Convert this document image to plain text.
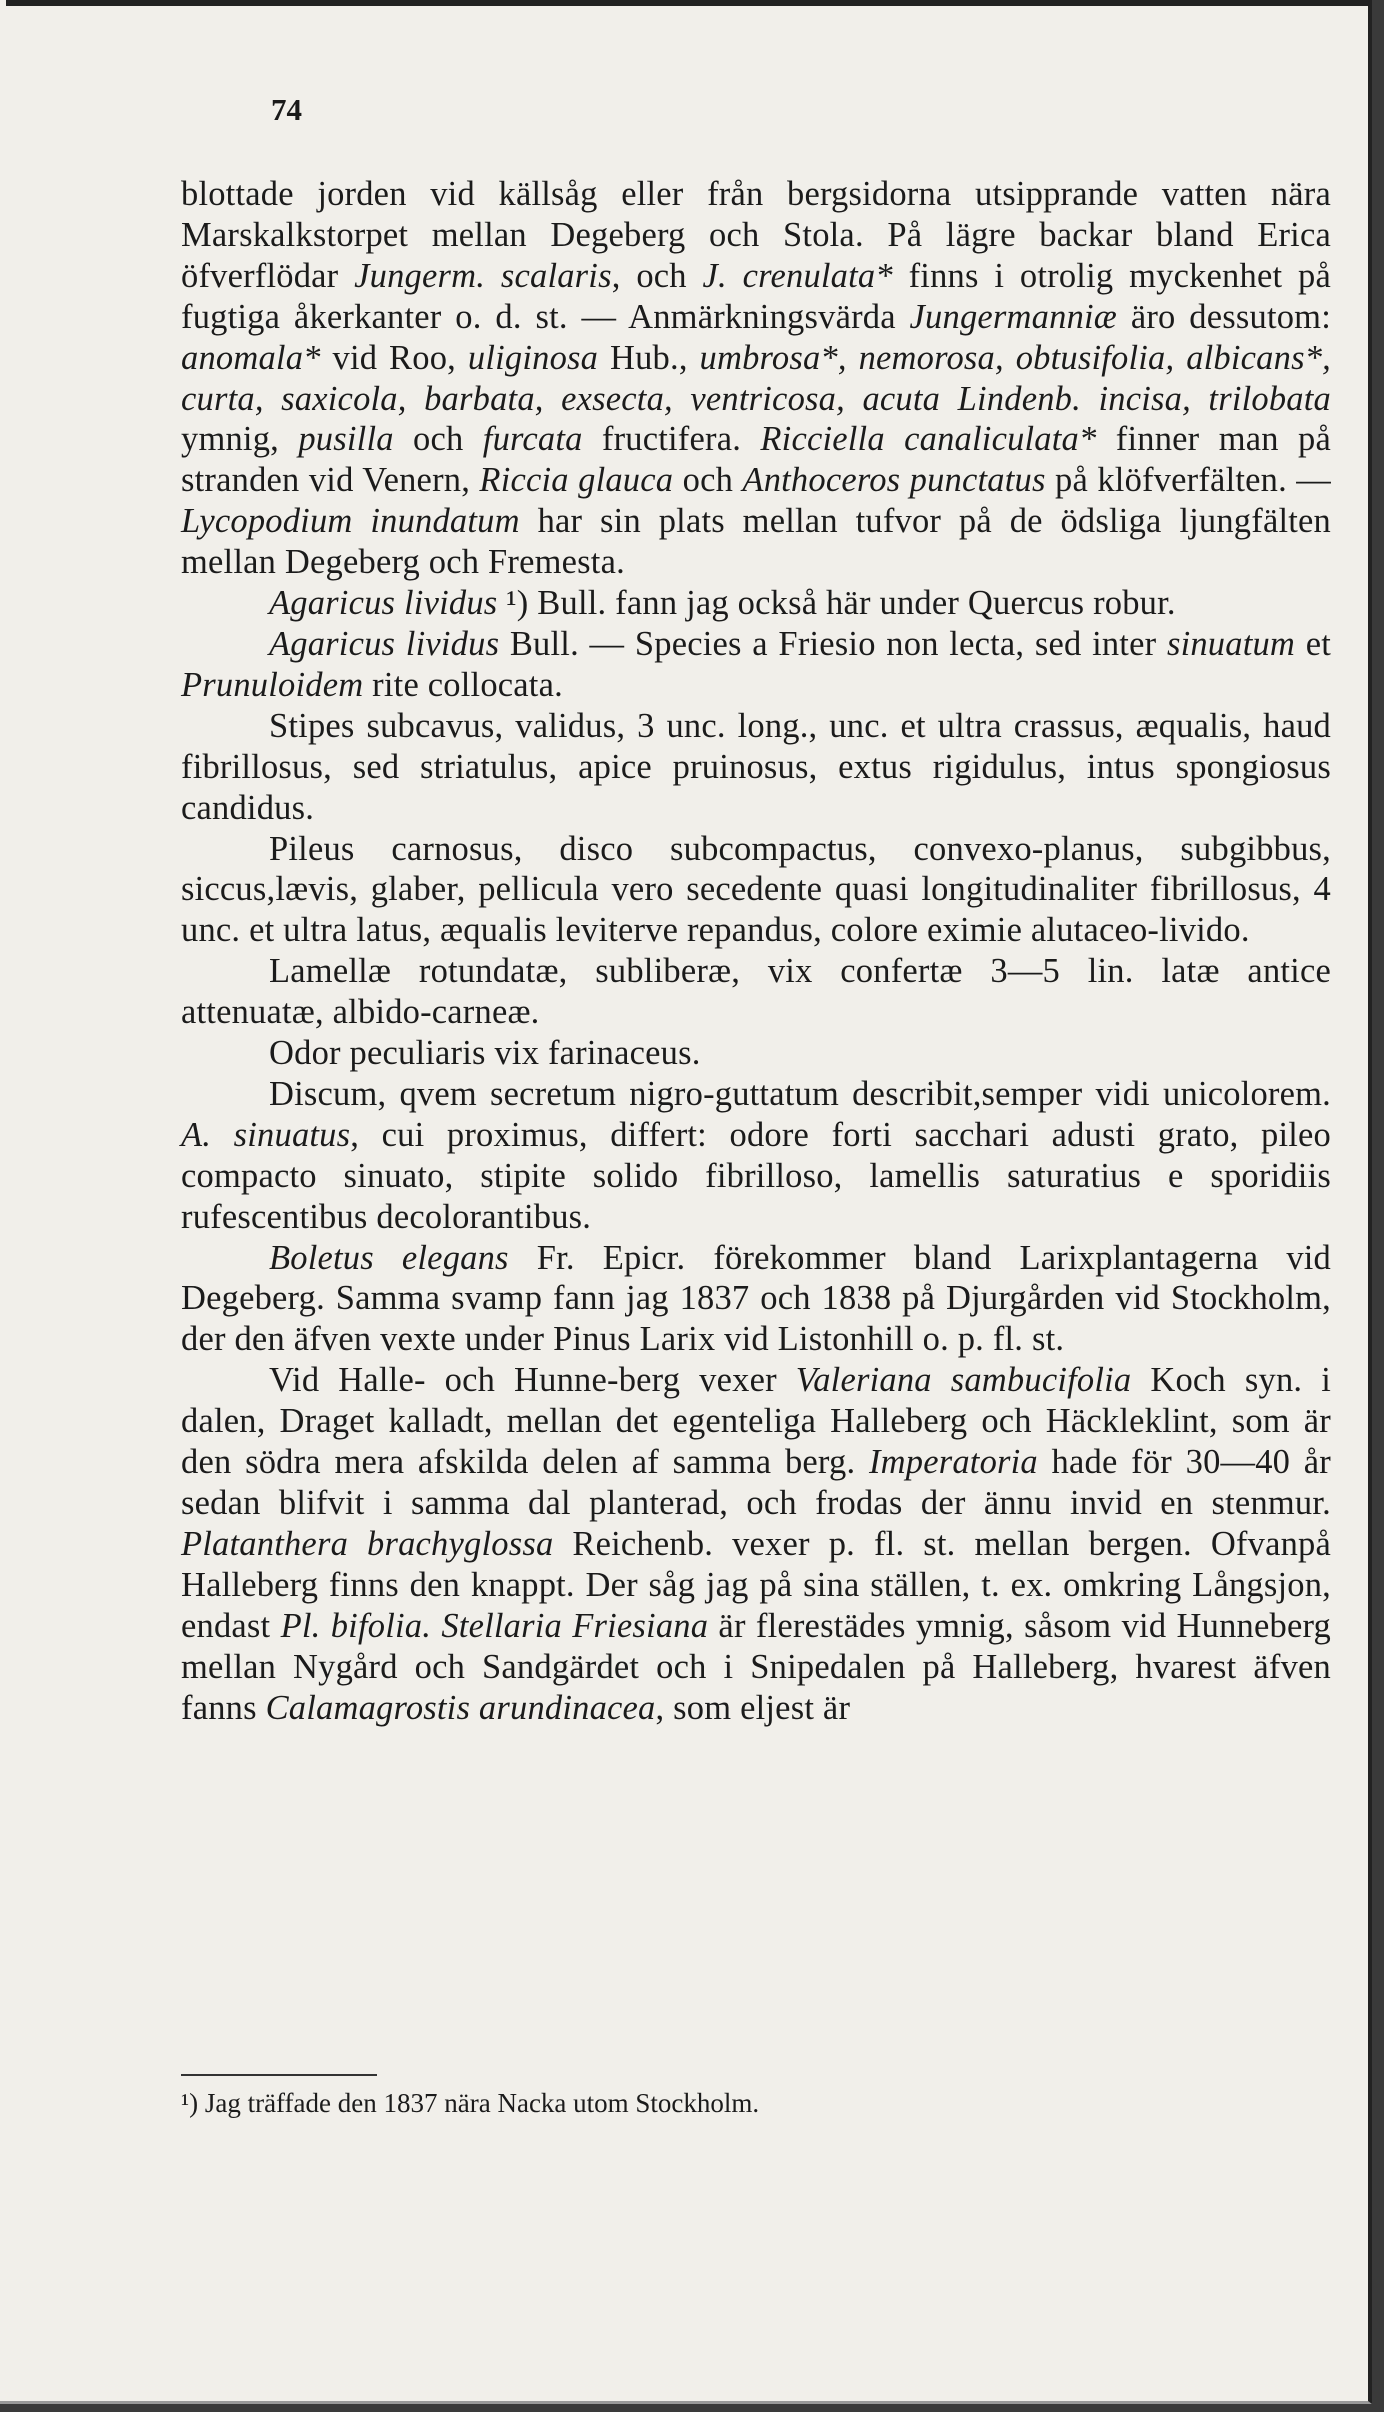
74

blottade jorden vid källsåg eller från bergsidorna utsipprande vatten nära Marskalkstorpet mellan Degeberg och Stola. På lägre backar bland Erica öfverflödar Jungerm. scalaris, och J. crenulata* finns i otrolig myckenhet på fugtiga åkerkanter o. d. st. — Anmärkningsvärda Jungermanniæ äro dessutom: anomala* vid Roo, uliginosa Hub., umbrosa*, nemorosa, obtusifolia, albicans*, curta, saxicola, barbata, exsecta, ventricosa, acuta Lindenb. incisa, trilobata ymnig, pusilla och furcata fructifera. Ricciella canaliculata* finner man på stranden vid Venern, Riccia glauca och Anthoceros punctatus på klöfverfälten. — Lycopodium inundatum har sin plats mellan tufvor på de ödsliga ljungfälten mellan Degeberg och Fremesta.

Agaricus lividus ¹) Bull. fann jag också här under Quercus robur.

Agaricus lividus Bull. — Species a Friesio non lecta, sed inter sinuatum et Prunuloidem rite collocata.

Stipes subcavus, validus, 3 unc. long., unc. et ultra crassus, æqualis, haud fibrillosus, sed striatulus, apice pruinosus, extus rigidulus, intus spongiosus candidus.

Pileus carnosus, disco subcompactus, convexo-planus, subgibbus, siccus,lævis, glaber, pellicula vero secedente quasi longitudinaliter fibrillosus, 4 unc. et ultra latus, æqualis leviterve repandus, colore eximie alutaceo-livido.

Lamellæ rotundatæ, subliberæ, vix confertæ 3—5 lin. latæ antice attenuatæ, albido-carneæ.

Odor peculiaris vix farinaceus.

Discum, qvem secretum nigro-guttatum describit,semper vidi unicolorem. A. sinuatus, cui proximus, differt: odore forti sacchari adusti grato, pileo compacto sinuato, stipite solido fibrilloso, lamellis saturatius e sporidiis rufescentibus decolorantibus.

Boletus elegans Fr. Epicr. förekommer bland Larixplantagerna vid Degeberg. Samma svamp fann jag 1837 och 1838 på Djurgården vid Stockholm, der den äfven vexte under Pinus Larix vid Listonhill o. p. fl. st.

Vid Halle- och Hunne-berg vexer Valeriana sambucifolia Koch syn. i dalen, Draget kalladt, mellan det egenteliga Halleberg och Häckleklint, som är den södra mera afskilda delen af samma berg. Imperatoria hade för 30—40 år sedan blifvit i samma dal planterad, och frodas der ännu invid en stenmur. Platanthera brachyglossa Reichenb. vexer p. fl. st. mellan bergen. Ofvanpå Halleberg finns den knappt. Der såg jag på sina ställen, t. ex. omkring Långsjon, endast Pl. bifolia. Stellaria Friesiana är flerestädes ymnig, såsom vid Hunneberg mellan Nygård och Sandgärdet och i Snipedalen på Halleberg, hvarest äfven fanns Calamagrostis arundinacea, som eljest är

¹) Jag träffade den 1837 nära Nacka utom Stockholm.
